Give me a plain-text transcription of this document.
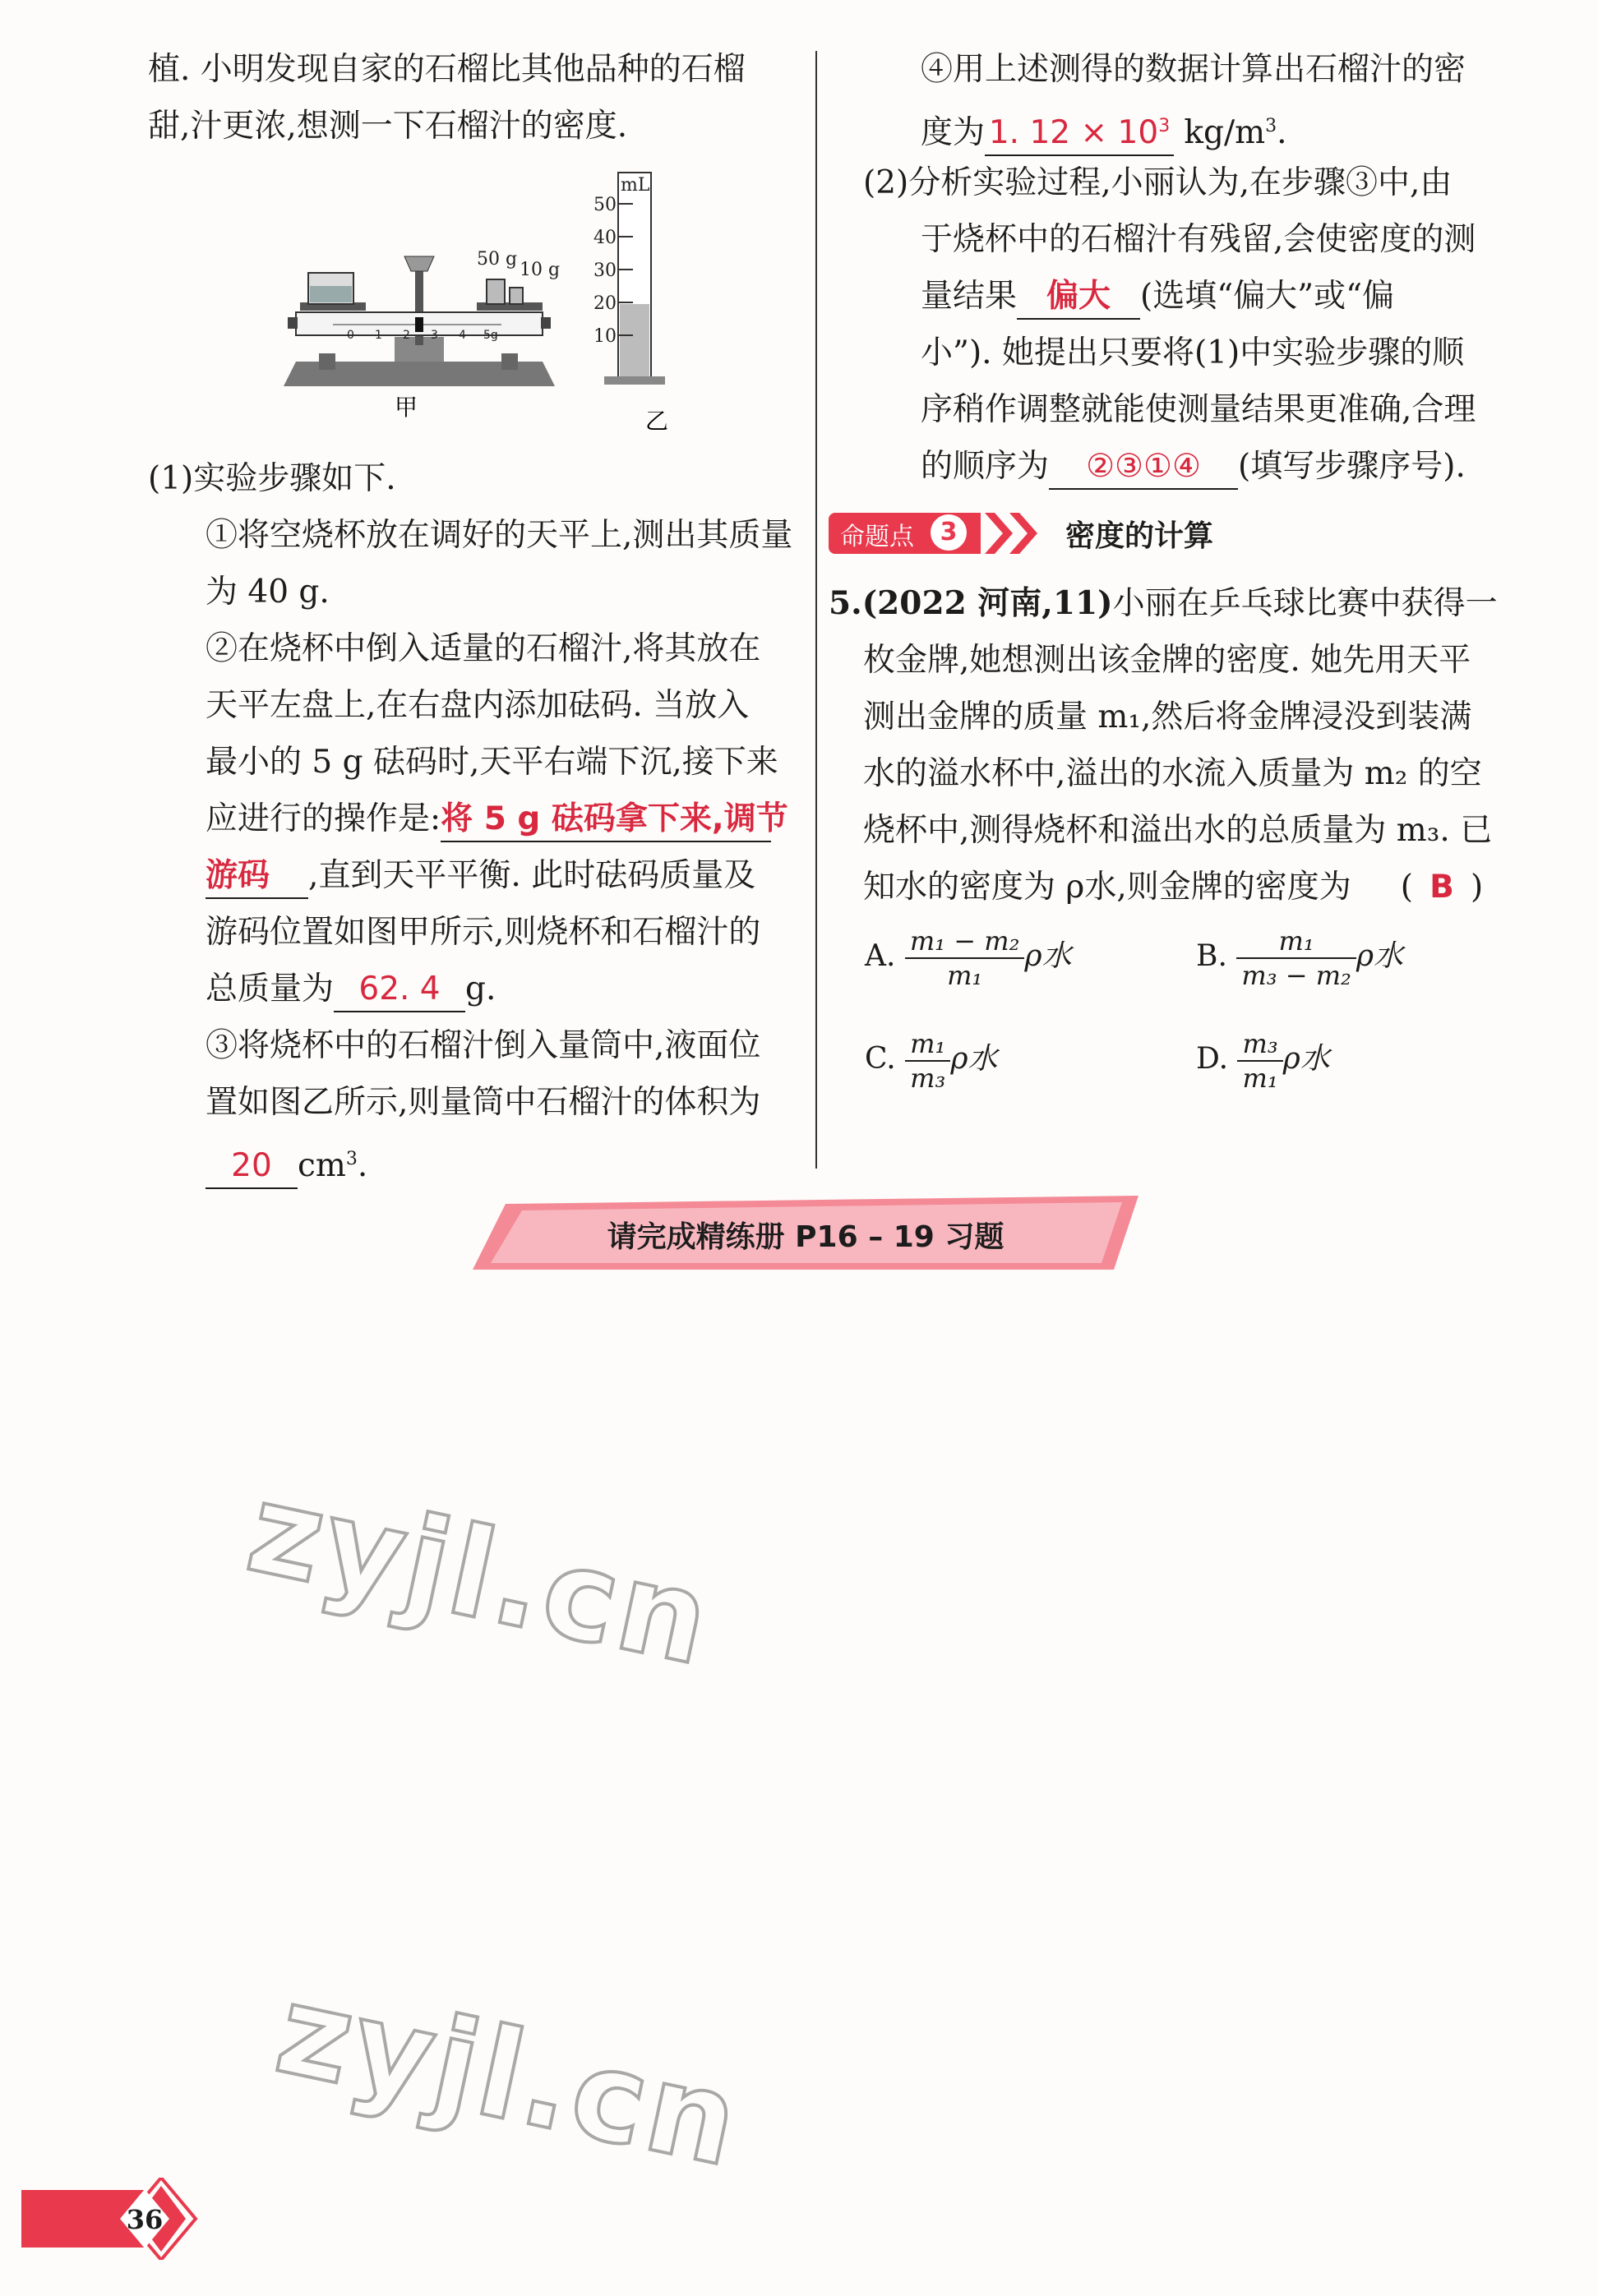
植. 小明发现自家的石榴比其他品种的石榴
甜,汁更浓,想测一下石榴汁的密度.
0 1 2 3 4 5g
50 g
10 g
甲
mL
50
40
30
20
10
乙
(1)实验步骤如下.
①将空烧杯放在调好的天平上,测出其质量
为 40 g.
②在烧杯中倒入适量的石榴汁,将其放在
天平左盘上,在右盘内添加砝码. 当放入
最小的 5 g 砝码时,天平右端下沉,接下来
应进行的操作是:将 5 g 砝码拿下来,调节
游码 ,直到天平平衡. 此时砝码质量及
游码位置如图甲所示,则烧杯和石榴汁的
总质量为 62. 4 g.
③将烧杯中的石榴汁倒入量筒中,液面位
置如图乙所示,则量筒中石榴汁的体积为
20 $cm^3$.
④用上述测得的数据计算出石榴汁的密
度为 1. $12 \times 10^3$ $kg/m^3$.
(2)分析实验过程,小丽认为,在步骤③中,由
于烧杯中的石榴汁有残留,会使密度的测
量结果 偏大 (选填“偏大”或“偏
小”). 她提出只要将(1)中实验步骤的顺
序稍作调整就能使测量结果更准确,合理
的顺序为 ②③①④ (填写步骤序号).
命题点	3	密度的计算
5.(2022 河南,11)小丽在乒乓球比赛中获得一
枚金牌,她想测出该金牌的密度. 她先用天平
测出金牌的质量 m₁,然后将金牌浸没到装满
水的溢水杯中,溢出的水流入质量为 m₂ 的空
烧杯中,测得烧杯和溢出水的总质量为 m₃. 已
知水的密度为 ρ水,则金牌的密度为 ( B )
A. $\frac{\text{m₁ − m₂}}{\text{m₁}}$ ρ水	B. $\frac{\text{m₁}}{\text{m₃ − m₂}}$ ρ水
C. $\frac{\text{m₁}}{\text{m₃}}$ ρ水	D. $\frac{\text{m₃}}{\text{m₁}}$ ρ水
请完成精练册 P16 – 19 习题
zyjl.cn
zyjl.cn
36
